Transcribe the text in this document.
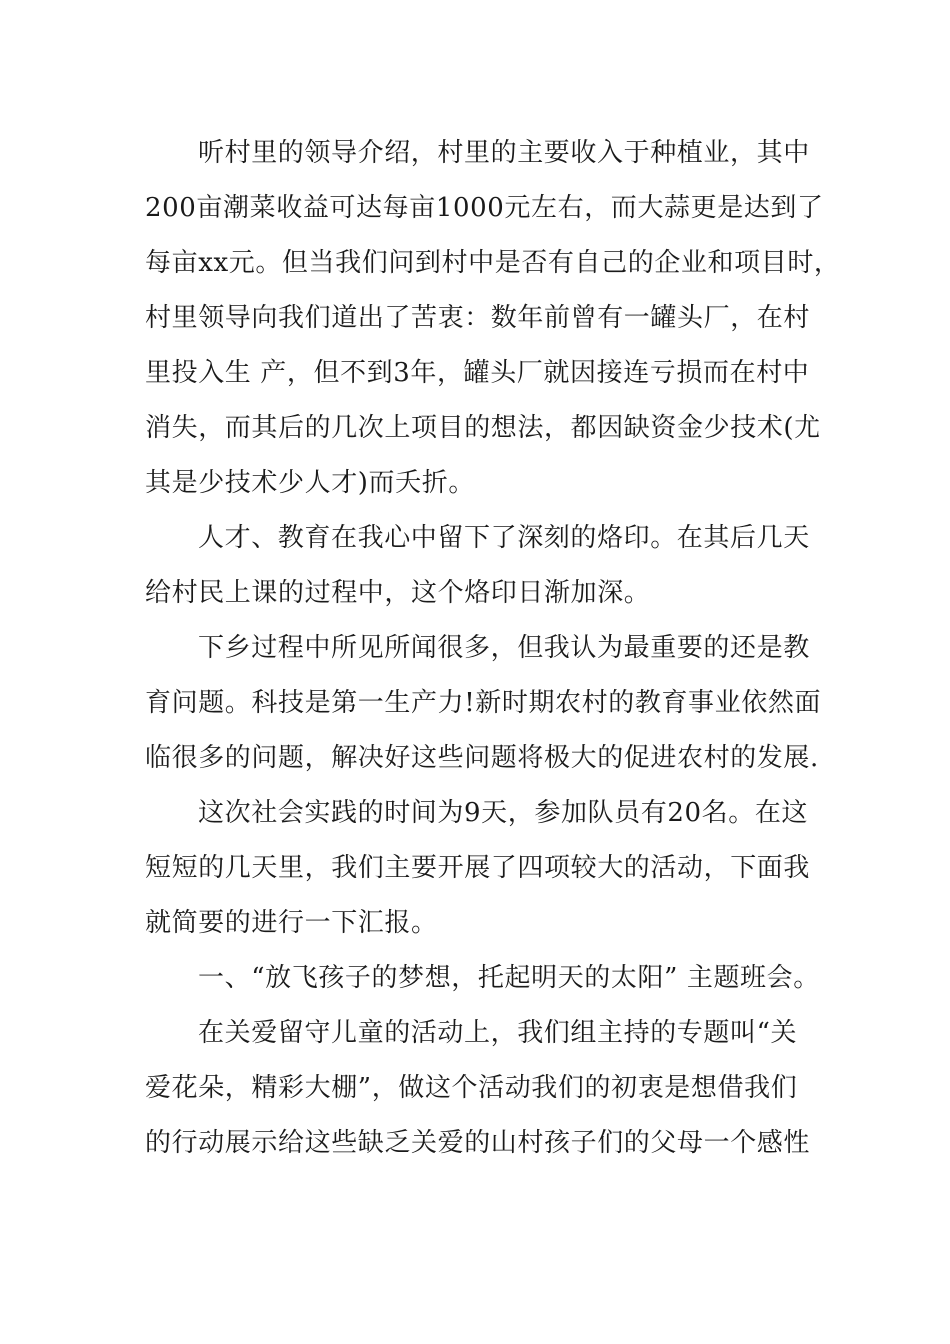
听村里的领导介绍，村里的主要收入于种植业，其中
200亩潮菜收益可达每亩1000元左右，而大蒜更是达到了
每亩xx元。但当我们问到村中是否有自己的企业和项目时，
村里领导向我们道出了苦衷：数年前曾有一罐头厂，在村
里投入生 产，但不到3年，罐头厂就因接连亏损而在村中
消失，而其后的几次上项目的想法，都因缺资金少技术(尤
其是少技术少人才)而夭折。

人才、教育在我心中留下了深刻的烙印。在其后几天
给村民上课的过程中，这个烙印日渐加深。

下乡过程中所见所闻很多，但我认为最重要的还是教
育问题。科技是第一生产力!新时期农村的教育事业依然面
临很多的问题，解决好这些问题将极大的促进农村的发展.

这次社会实践的时间为9天，参加队员有20名。在这
短短的几天里，我们主要开展了四项较大的活动，下面我
就简要的进行一下汇报。

一、“放飞孩子的梦想，托起明天的太阳” 主题班会。

在关爱留守儿童的活动上，我们组主持的专题叫“关
爱花朵，精彩大棚”，做这个活动我们的初衷是想借我们
的行动展示给这些缺乏关爱的山村孩子们的父母一个感性
